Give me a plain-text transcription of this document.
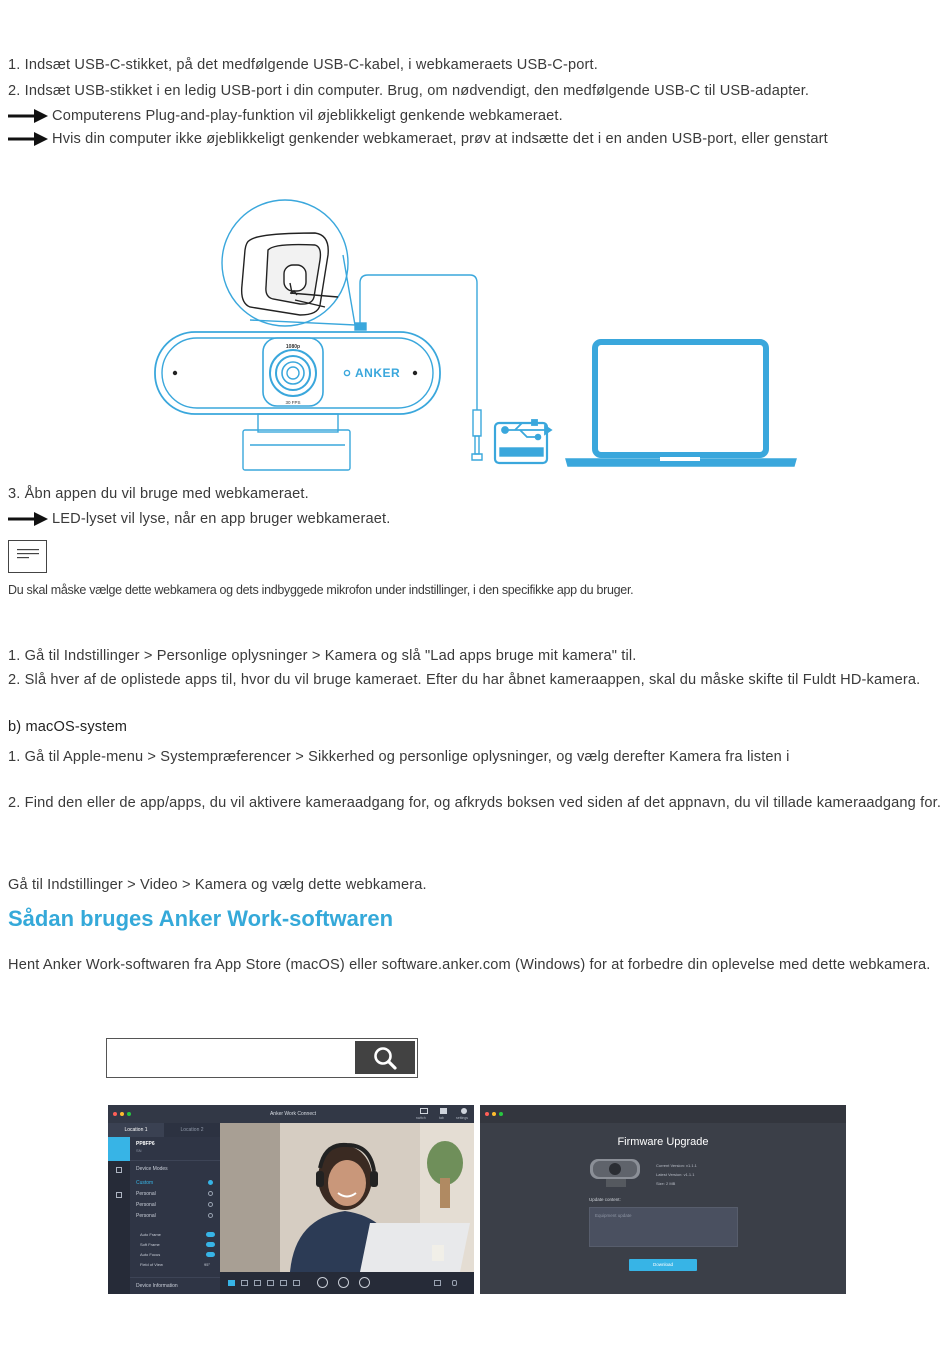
1. Indsæt USB-C-stikket, på det medfølgende USB-C-kabel, i webkameraets USB-C-port.
2. Indsæt USB-stikket i en ledig USB-port i din computer. Brug, om nødvendigt, den medfølgende USB-C til USB-adapter.
Computerens Plug-and-play-funktion vil øjeblikkeligt genkende webkameraet.
Hvis din computer ikke øjeblikkeligt genkender webkameraet, prøv at indsætte det i en anden USB-port, eller genstart
1080p
30 FPS
ANKER
3. Åbn appen du vil bruge med webkameraet.
LED-lyset vil lyse, når en app bruger webkameraet.
Du skal måske vælge dette webkamera og dets indbyggede mikrofon under indstillinger, i den specifikke app du bruger.
1. Gå til Indstillinger > Personlige oplysninger > Kamera og slå "Lad apps bruge mit kamera" til.
2. Slå hver af de oplistede apps til, hvor du vil bruge kameraet. Efter du har åbnet kameraappen, skal du måske skifte til Fuldt HD-kamera.
b) macOS-system
1. Gå til Apple-menu > Systempræferencer > Sikkerhed og personlige oplysninger, og vælg derefter Kamera fra listen i
2. Find den eller de app/apps, du vil aktivere kameraadgang for, og afkryds boksen ved siden af det appnavn, du vil tillade kameraadgang for.
Gå til Indstillinger > Video > Kamera og vælg dette webkamera.
Sådan bruges Anker Work-softwaren
Hent Anker Work-softwaren fra App Store (macOS) eller software.anker.com (Windows) for at forbedre din oplevelse med dette webkamera.
Anker Work Connect
switch	tab	settings
Location 1	Location 2
PP8FP6
SN
Device Modes
Custom
Personal
Personal
Personal
Auto Frame
Soft Frame
Auto Focus
Field of View	95°
Device Information
Firmware Upgrade
Current Version: v1.1.1
Latest Version: v1.1.1
Size: 2 MB
Update content:
Equipment update
Download
